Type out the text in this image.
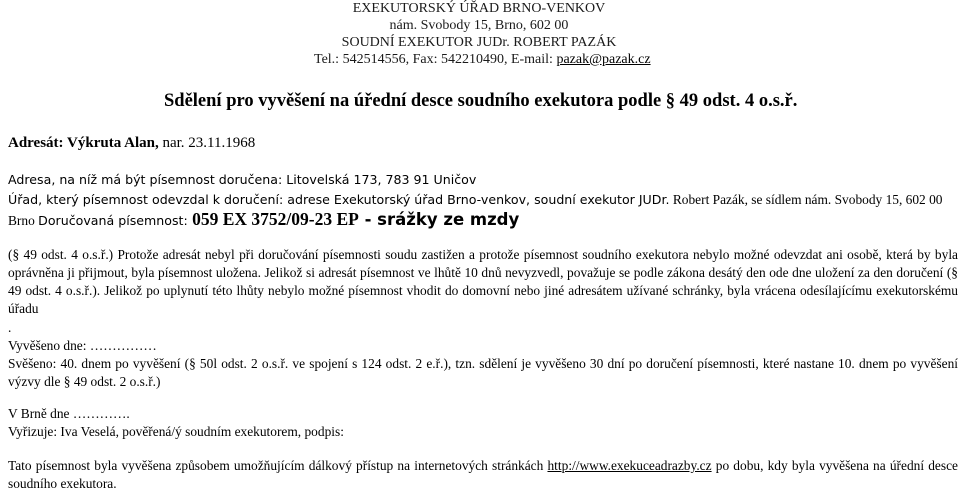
EXEKUTORSKÝ ÚŘAD BRNO-VENKOV
nám. Svobody 15, Brno, 602 00
SOUDNÍ EXEKUTOR JUDr. ROBERT PAZÁK
Tel.: 542514556, Fax: 542210490, E-mail: pazak@pazak.cz
Sdělení pro vyvěšení na úřední desce soudního exekutora podle § 49 odst. 4 o.s.ř.
Adresát: Výkruta Alan, nar. 23.11.1968
Adresa, na níž má být písemnost doručena: Litovelská 173, 783 91 Uničov
Úřad, který písemnost odevzdal k doručení: adrese Exekutorský úřad Brno-venkov, soudní exekutor JUDr. Robert Pazák, se sídlem nám. Svobody 15, 602 00
Brno Doručovaná písemnost: 059 EX 3752/09-23 EP - srážky ze mzdy
(§ 49 odst. 4 o.s.ř.) Protože adresát nebyl při doručování písemnosti soudu zastižen a protože písemnost soudního exekutora nebylo možné odevzdat ani osobě, která by byla oprávněna ji přijmout, byla písemnost uložena. Jelikož si adresát písemnost ve lhůtě 10 dnů nevyzvedl, považuje se podle zákona desátý den ode dne uložení za den doručení (§ 49 odst. 4 o.s.ř.). Jelikož po uplynutí této lhůty nebylo možné písemnost vhodit do domovní nebo jiné adresátem užívané schránky, byla vrácena odesílajícímu exekutorskému úřadu
.
Vyvěšeno dne: ……………
Svěšeno: 40. dnem po vyvěšení (§ 50l odst. 2 o.s.ř. ve spojení s 124 odst. 2 e.ř.), tzn. sdělení je vyvěšeno 30 dní po doručení písemnosti, které nastane 10. dnem po vyvěšení výzvy dle § 49 odst. 2 o.s.ř.)
V Brně dne ………….
Vyřizuje: Iva Veselá, pověřená/ý soudním exekutorem, podpis:
Tato písemnost byla vyvěšena způsobem umožňujícím dálkový přístup na internetových stránkách http://www.exekuceadrazby.cz po dobu, kdy byla vyvěšena na úřední desce soudního exekutora.
